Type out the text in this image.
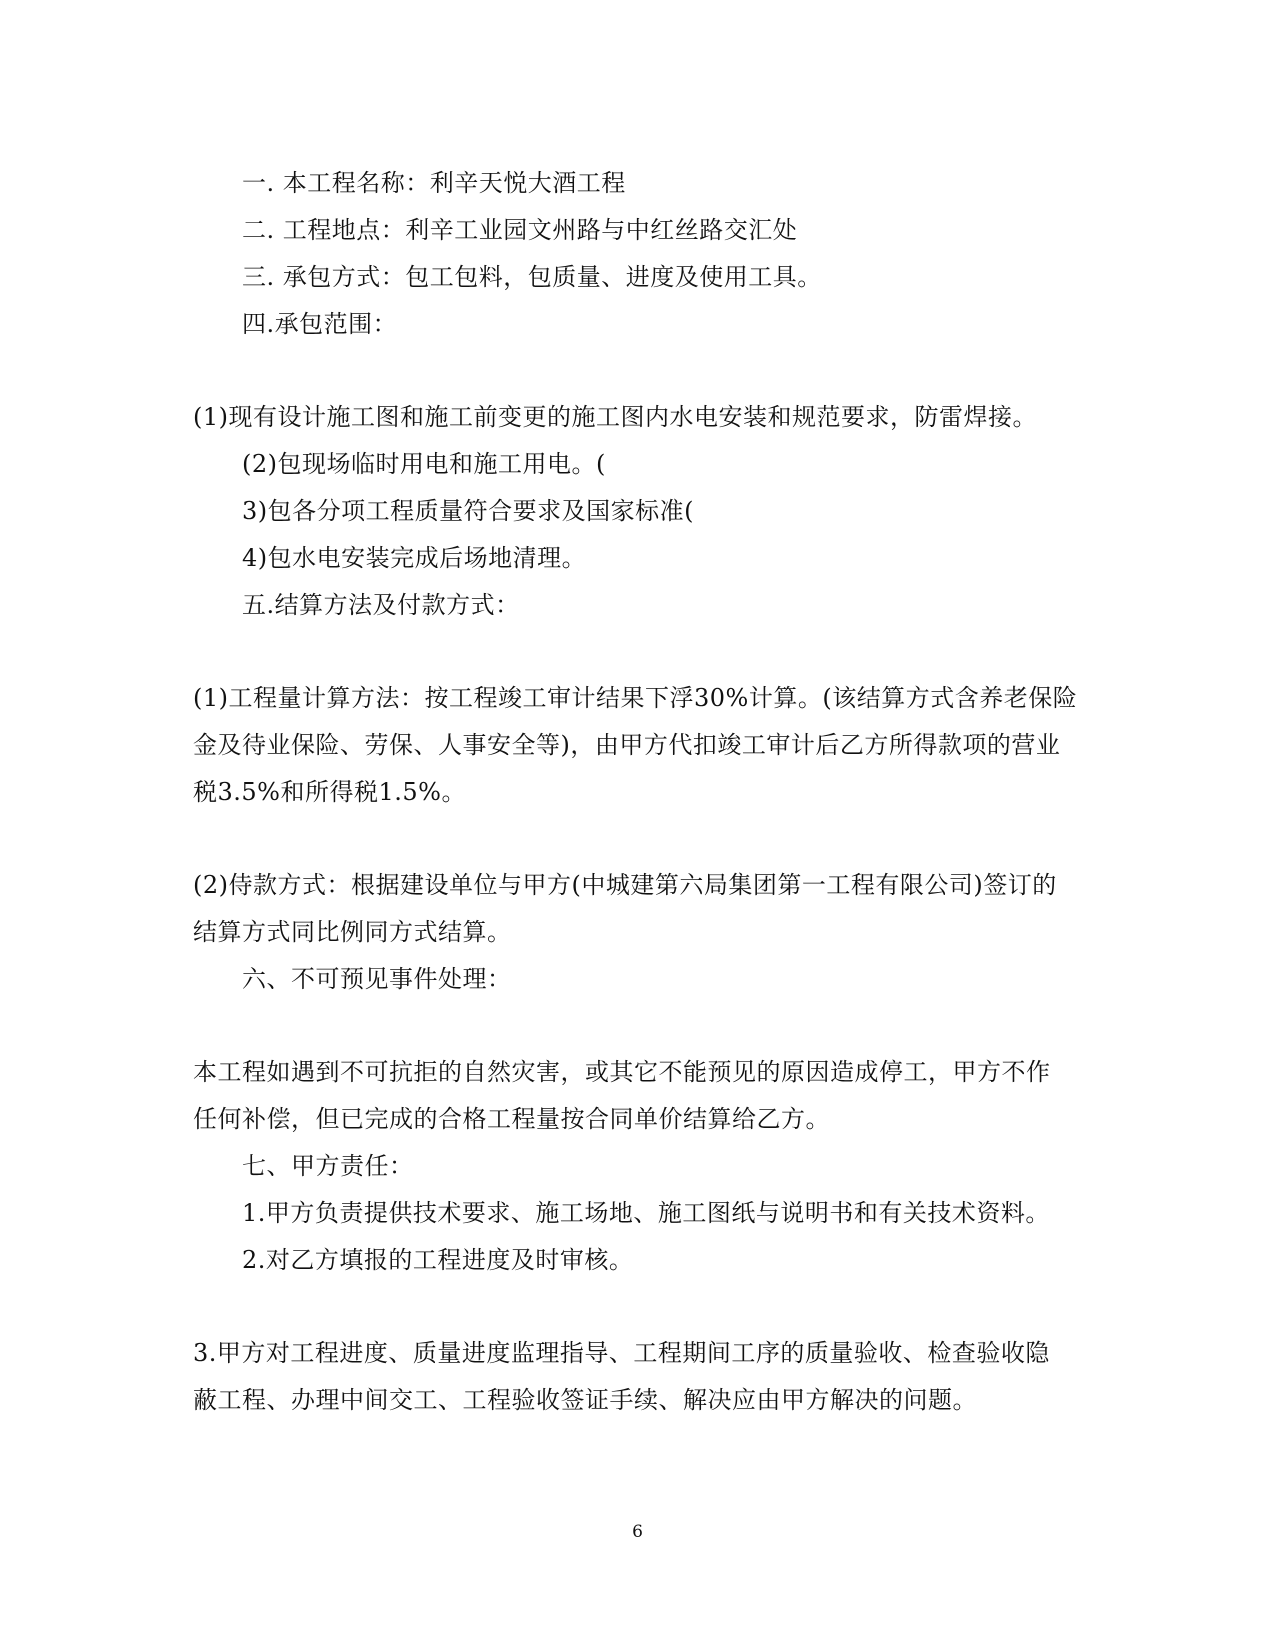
一. 本工程名称：利辛天悦大酒工程
二. 工程地点：利辛工业园文州路与中红丝路交汇处
三. 承包方式：包工包料，包质量、进度及使用工具。
四.承包范围：
(1)现有设计施工图和施工前变更的施工图内水电安装和规范要求，防雷焊接。
(2)包现场临时用电和施工用电。(
3)包各分项工程质量符合要求及国家标准(
4)包水电安装完成后场地清理。
五.结算方法及付款方式：
(1)工程量计算方法：按工程竣工审计结果下浮30%计算。(该结算方式含养老保险
金及待业保险、劳保、人事安全等)，由甲方代扣竣工审计后乙方所得款项的营业
税3.5%和所得税1.5%。
(2)侍款方式：根据建设单位与甲方(中城建第六局集团第一工程有限公司)签订的
结算方式同比例同方式结算。
六、不可预见事件处理：
本工程如遇到不可抗拒的自然灾害，或其它不能预见的原因造成停工，甲方不作
任何补偿，但已完成的合格工程量按合同单价结算给乙方。
七、甲方责任：
1.甲方负责提供技术要求、施工场地、施工图纸与说明书和有关技术资料。
2.对乙方填报的工程进度及时审核。
3.甲方对工程进度、质量进度监理指导、工程期间工序的质量验收、检查验收隐
蔽工程、办理中间交工、工程验收签证手续、解决应由甲方解决的问题。
6
